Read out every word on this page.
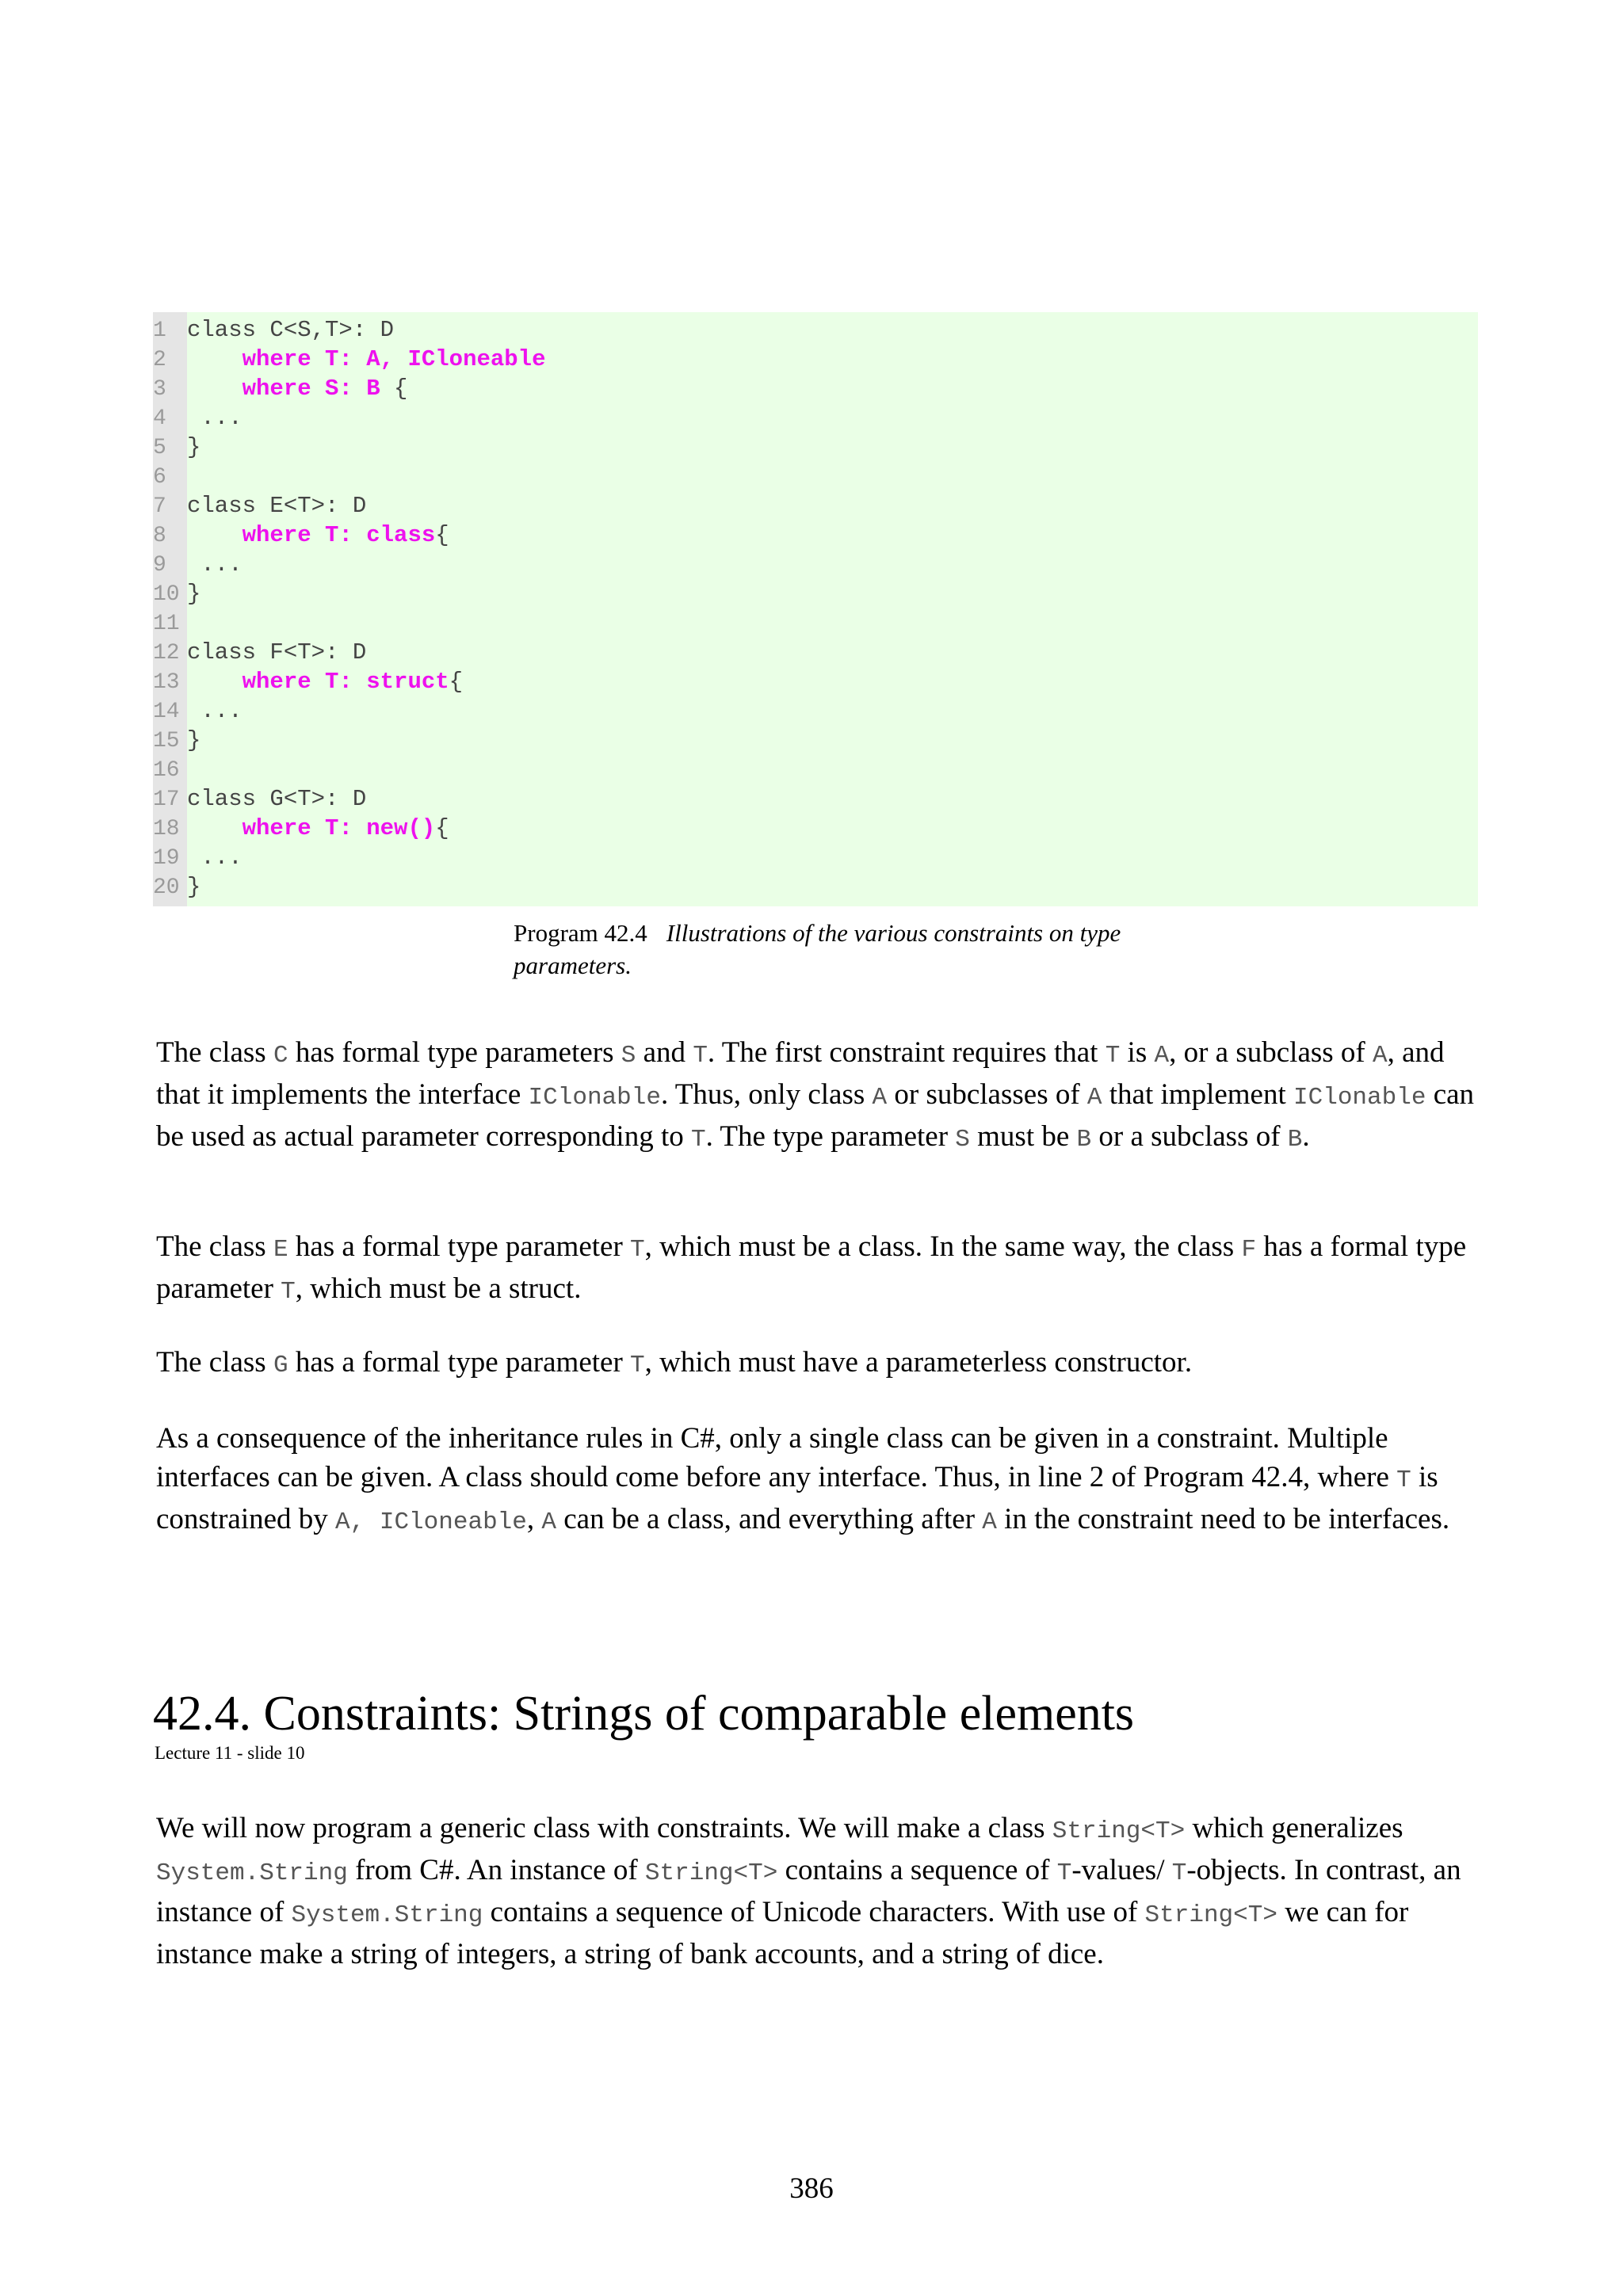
1 class C<S,T>: D
2	where T: A, ICloneable
3	where S: B {
4 ...
5 }
6
7 class E<T>: D
8	where T: class{
9 ...
10 }
11
12 class F<T>: D
13	where T: struct{
14 ...
15 }
16
17 class G<T>: D
18	where T: new(){
19 ...
20 }
Program 42.4 Illustrations of the various constraints on type parameters.

The class C has formal type parameters S and T. The first constraint requires that T is A, or a subclass of A, and that it implements the interface IClonable. Thus, only class A or subclasses of A that implement IClonable can be used as actual parameter corresponding to T. The type parameter S must be B or a subclass of B.

The class E has a formal type parameter T, which must be a class. In the same way, the class F has a formal type parameter T, which must be a struct.

The class G has a formal type parameter T, which must have a parameterless constructor.

As a consequence of the inheritance rules in C#, only a single class can be given in a constraint. Multiple interfaces can be given. A class should come before any interface. Thus, in line 2 of Program 42.4, where T is constrained by A, ICloneable, A can be a class, and everything after A in the constraint need to be interfaces.

42.4. Constraints: Strings of comparable elements
Lecture 11 - slide 10

We will now program a generic class with constraints. We will make a class String<T> which generalizes System.String from C#. An instance of String<T> contains a sequence of T-values/ T-objects. In contrast, an instance of System.String contains a sequence of Unicode characters. With use of String<T> we can for instance make a string of integers, a string of bank accounts, and a string of dice.

386
